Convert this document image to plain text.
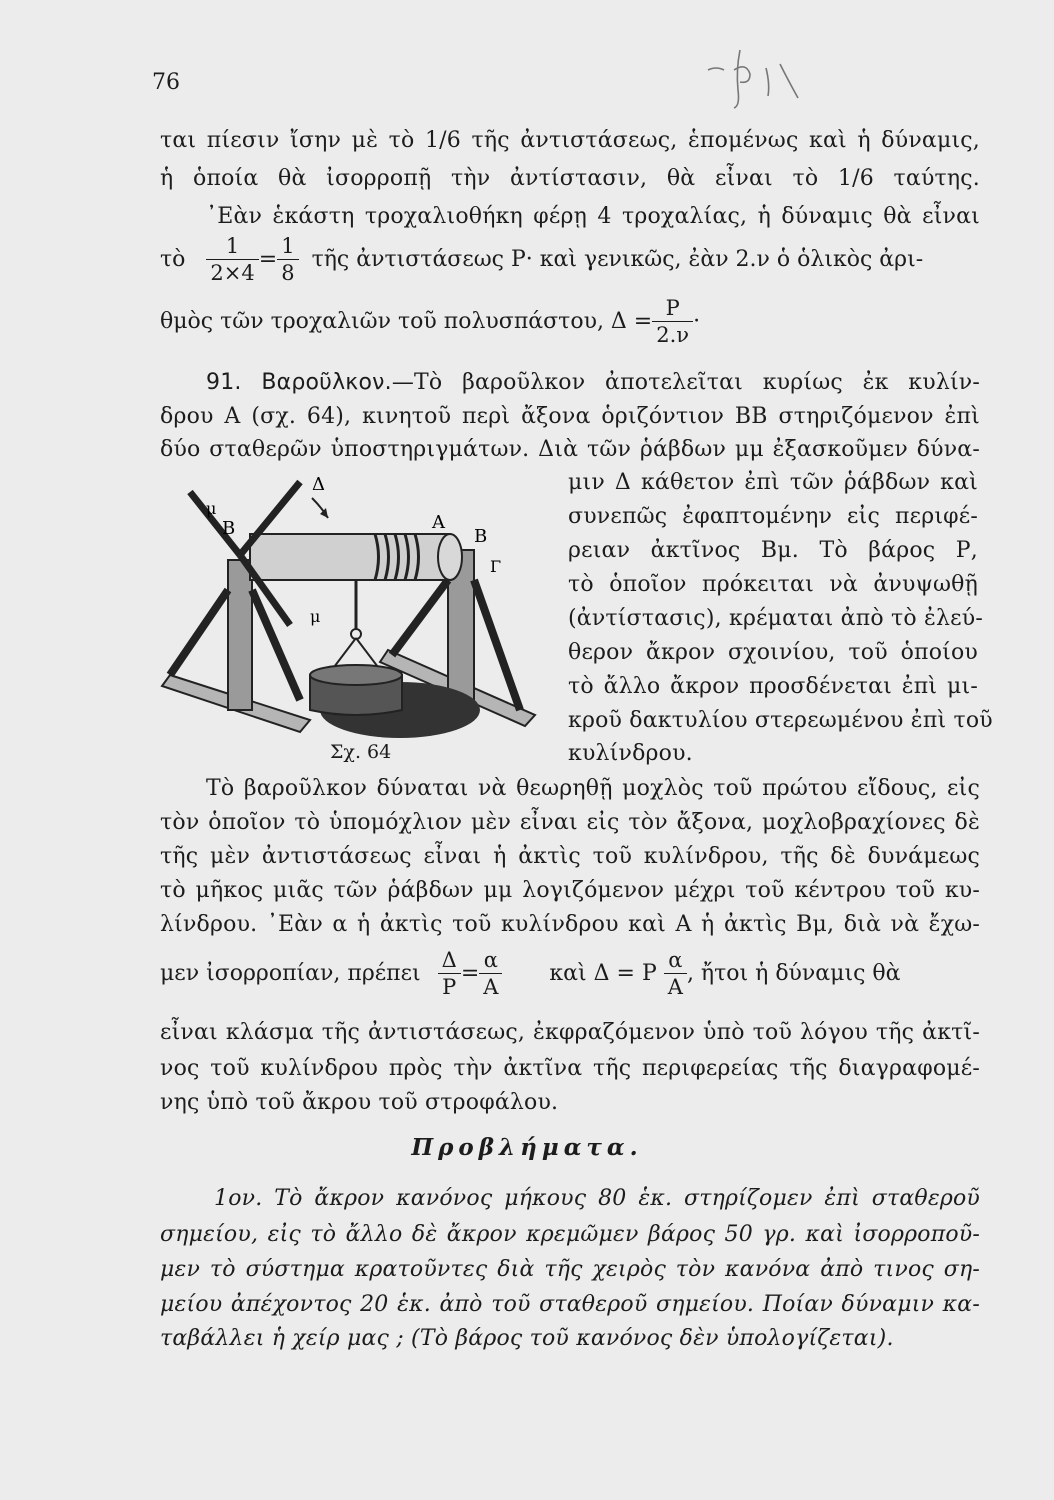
76
ται πίεσιν ἴσην μὲ τὸ 1/6 τῆς ἀντιστάσεως, ἑπομένως καὶ ἡ δύναμις,
ἡ ὁποία θὰ ἰσορροπῇ τὴν ἀντίστασιν, θὰ εἶναι τὸ 1/6 ταύτης.
᾿Εὰν ἑκάστη τροχαλιοθήκη φέρῃ 4 τροχαλίας, ἡ δύναμις θὰ εἶναι
τὸ $\frac{1}{2\times 4} = \frac{1}{8}$ τῆς ἀντιστάσεως Ρ· καὶ γενικῶς, ἐὰν 2.ν ὁ ὁλικὸς ἀρι-
θμὸς τῶν τροχαλιῶν τοῦ πολυσπάστου, $\Delta = \frac{P}{2.\nu}$ ·
91. Βαροῦλκον.—Τὸ βαροῦλκον ἀποτελεῖται κυρίως ἐκ κυλίν-
δρου Α (σχ. 64), κινητοῦ περὶ ἄξονα ὁριζόντιον ΒΒ στηριζόμενον ἐπὶ
δύο σταθερῶν ὑποστηριγμάτων. Διὰ τῶν ῥάβδων μμ ἐξασκοῦμεν δύνα-
Δ
μ
Β	Α
Β
Γ
μ
Σχ. 64
μιν Δ κάθετον ἐπὶ τῶν ῥάβδων καὶ
συνεπῶς ἐφαπτομένην εἰς περιφέ-
ρειαν ἀκτῖνος Βμ. Τὸ βάρος Ρ,
τὸ ὁποῖον πρόκειται νὰ ἀνυψωθῇ
(ἀντίστασις), κρέμαται ἀπὸ τὸ ἐλεύ-
θερον ἄκρον σχοινίου, τοῦ ὁποίου
τὸ ἄλλο ἄκρον προσδένεται ἐπὶ μι-
κροῦ δακτυλίου στερεωμένου ἐπὶ τοῦ
κυλίνδρου.
Τὸ βαροῦλκον δύναται νὰ θεωρηθῇ μοχλὸς τοῦ πρώτου εἴδους, εἰς
τὸν ὁποῖον τὸ ὑπομόχλιον μὲν εἶναι εἰς τὸν ἄξονα, μοχλοβραχίονες δὲ
τῆς μὲν ἀντιστάσεως εἶναι ἡ ἀκτὶς τοῦ κυλίνδρου, τῆς δὲ δυνάμεως
τὸ μῆκος μιᾶς τῶν ῥάβδων μμ λογιζόμενον μέχρι τοῦ κέντρου τοῦ κυ-
λίνδρου. ᾿Εὰν α ἡ ἀκτὶς τοῦ κυλίνδρου καὶ Α ἡ ἀκτὶς Βμ, διὰ νὰ ἔχω-
μεν ἰσορροπίαν, πρέπει $\frac{\Delta}{P} = \frac{\alpha}{A}$ καὶ Δ = P $\frac{\alpha}{A}$ , ἤτοι ἡ δύναμις θὰ
εἶναι κλάσμα τῆς ἀντιστάσεως, ἐκφραζόμενον ὑπὸ τοῦ λόγου τῆς ἀκτῖ-
νος τοῦ κυλίνδρου πρὸς τὴν ἀκτῖνα τῆς περιφερείας τῆς διαγραφομέ-
νης ὑπὸ τοῦ ἄκρου τοῦ στροφάλου.
Προβλήματα.
1ον. Τὸ ἄκρον κανόνος μήκους 80 ἑκ. στηρίζομεν ἐπὶ σταθεροῦ
σημείου, εἰς τὸ ἄλλο δὲ ἄκρον κρεμῶμεν βάρος 50 γρ. καὶ ἰσορροποῦ-
μεν τὸ σύστημα κρατοῦντες διὰ τῆς χειρὸς τὸν κανόνα ἀπὸ τινος ση-
μείου ἀπέχοντος 20 ἑκ. ἀπὸ τοῦ σταθεροῦ σημείου. Ποίαν δύναμιν κα-
ταβάλλει ἡ χείρ μας ; (Τὸ βάρος τοῦ κανόνος δὲν ὑπολογίζεται).
